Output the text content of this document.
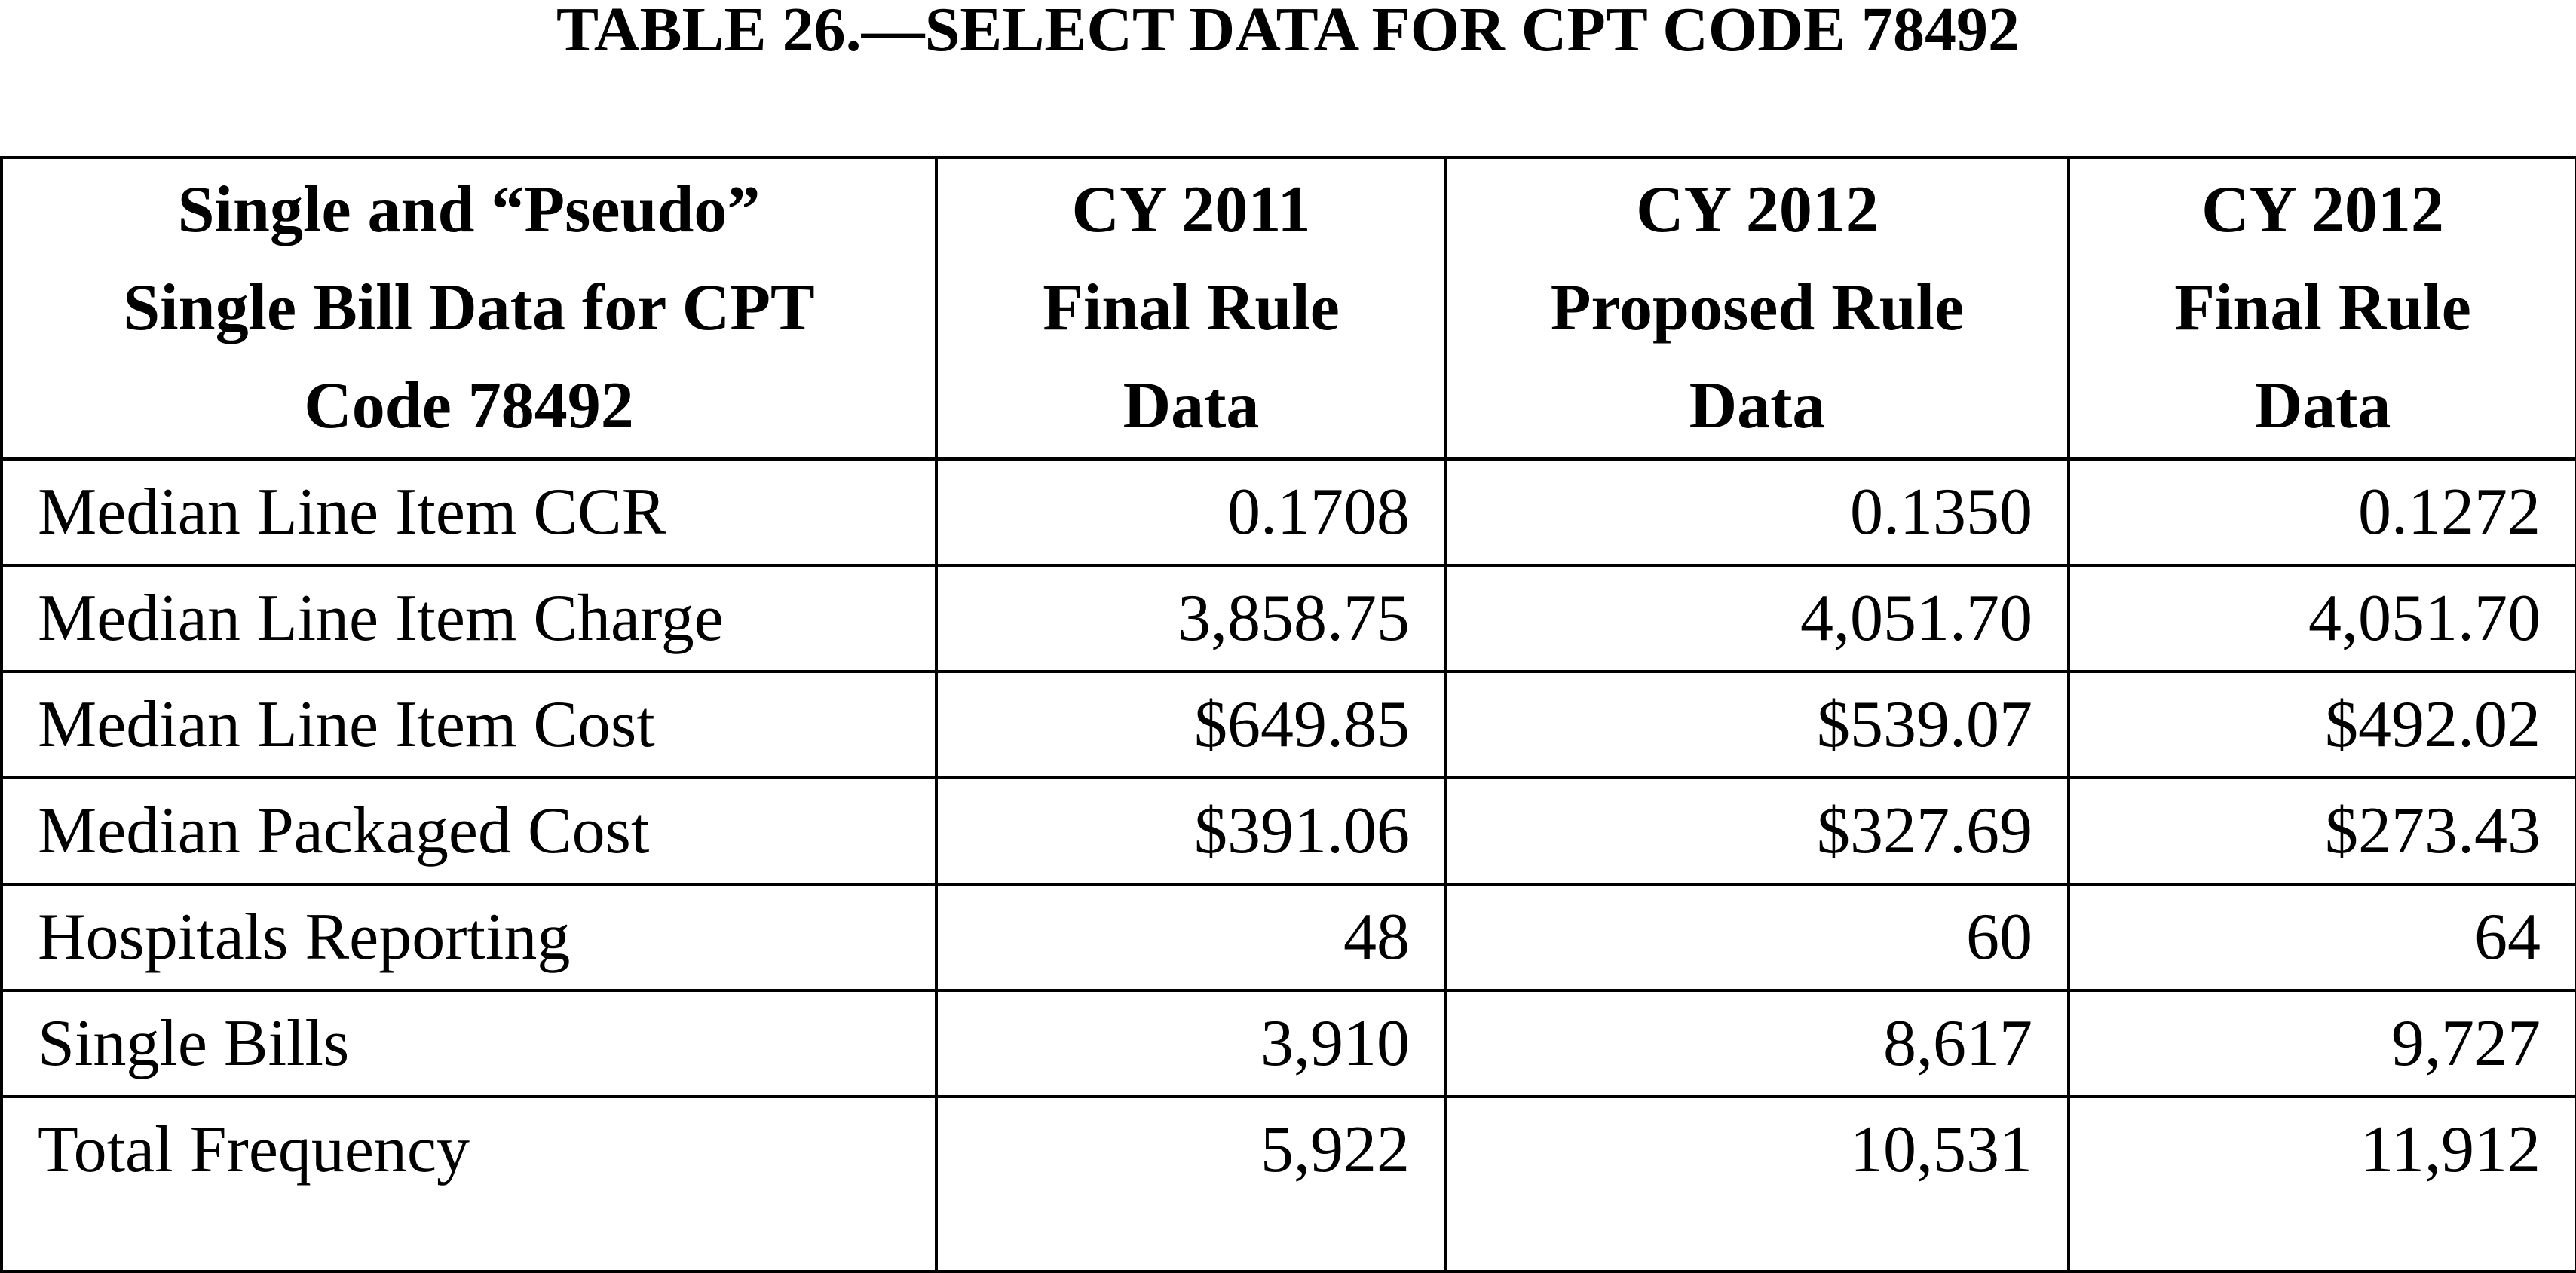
TABLE 26.—SELECT DATA FOR CPT CODE 78492
Single and “Pseudo”
Single Bill Data for CPT
Code 78492	CY 2011
Final Rule
Data	CY 2012
Proposed Rule
Data	CY 2012
Final Rule
Data

Median Line Item CCR	0.1708	0.1350	0.1272
Median Line Item Charge	3,858.75	4,051.70	4,051.70
Median Line Item Cost	$649.85	$539.07	$492.02
Median Packaged Cost	$391.06	$327.69	$273.43
Hospitals Reporting	48	60	64
Single Bills	3,910	8,617	9,727
Total Frequency	5,922	10,531	11,912
